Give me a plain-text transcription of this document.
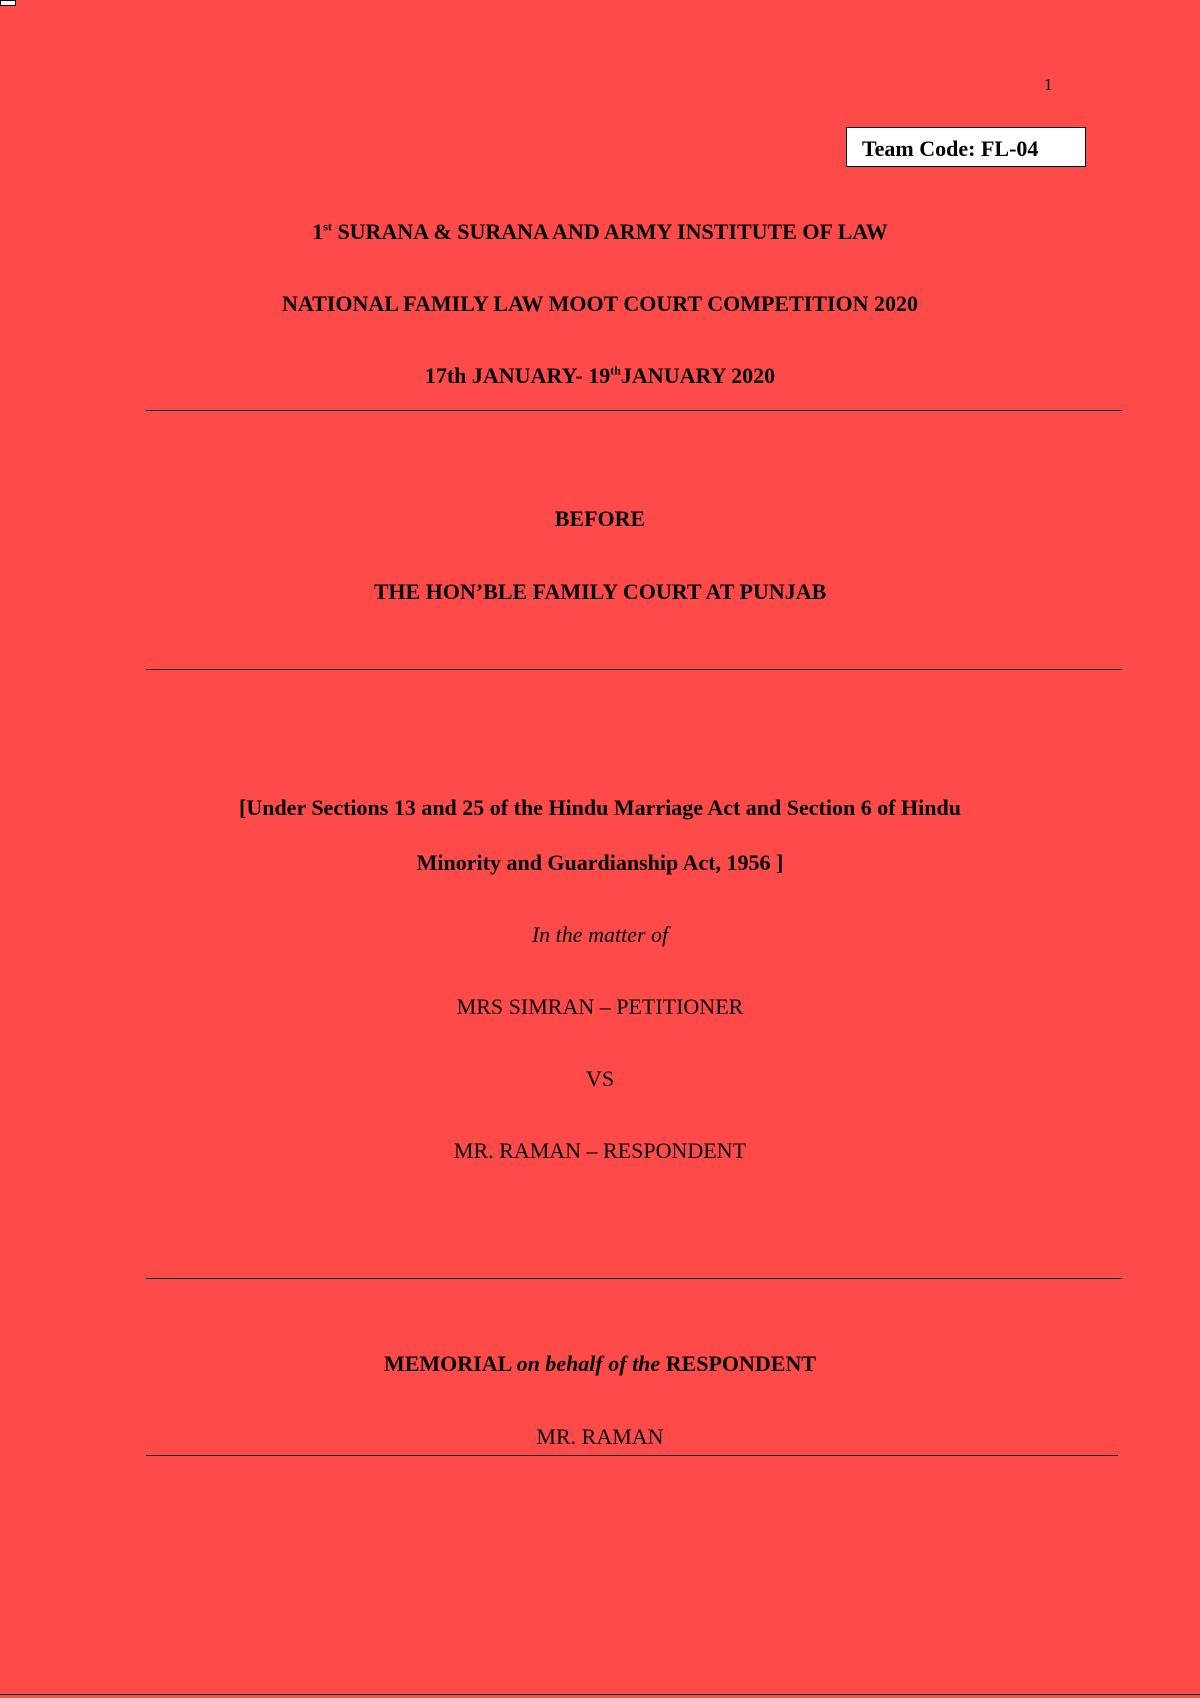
1
Team Code: FL-04
1st SURANA & SURANA AND ARMY INSTITUTE OF LAW
NATIONAL FAMILY LAW MOOT COURT COMPETITION 2020
17th JANUARY- 19thJANUARY 2020
BEFORE
THE HON’BLE FAMILY COURT AT PUNJAB
[Under Sections 13 and 25 of the Hindu Marriage Act and Section 6 of Hindu
Minority and Guardianship Act, 1956 ]
In the matter of
MRS SIMRAN – PETITIONER
VS
MR. RAMAN – RESPONDENT
MEMORIAL on behalf of the RESPONDENT
MR. RAMAN
